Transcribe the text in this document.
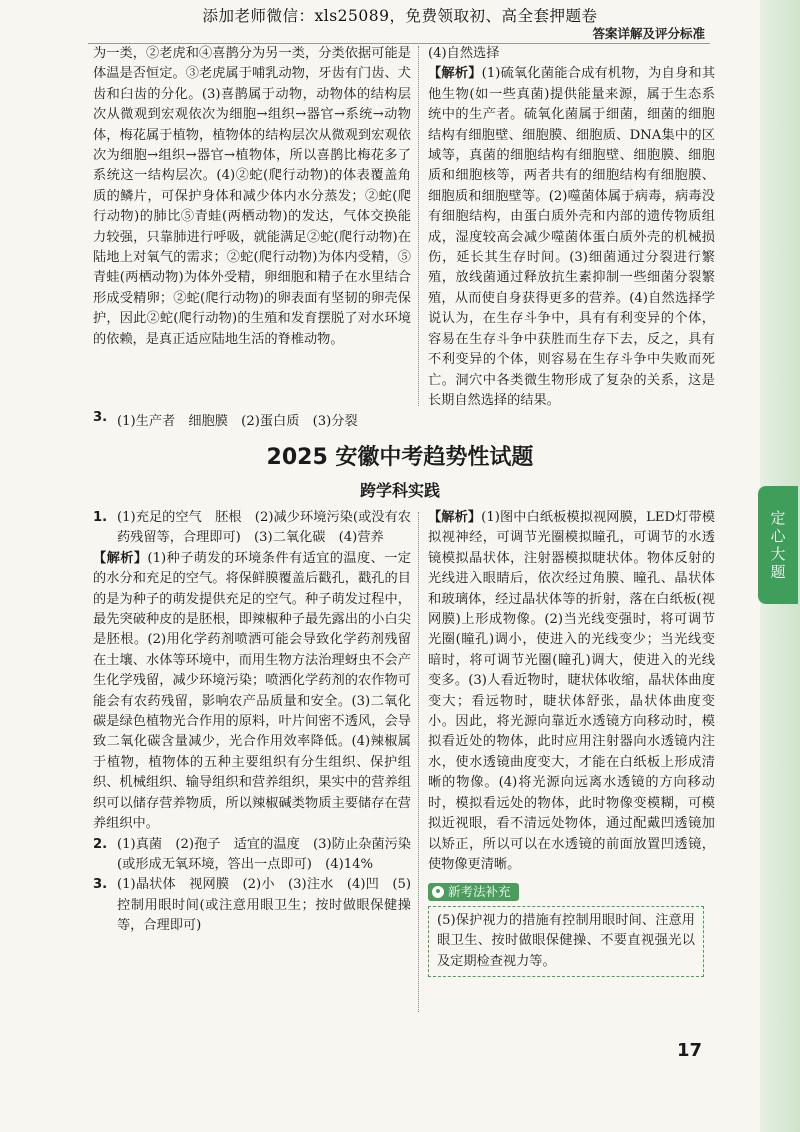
添加老师微信：xls25089，免费领取初、高全套押题卷
答案详解及评分标准
定
心
大
题

为一类，②老虎和④喜鹊分为另一类，分类依据可能是体温是否恒定。③老虎属于哺乳动物，牙齿有门齿、犬齿和臼齿的分化。(3)喜鹊属于动物，动物体的结构层次从微观到宏观依次为细胞→组织→器官→系统→动物体，梅花属于植物，植物体的结构层次从微观到宏观依次为细胞→组织→器官→植物体，所以喜鹊比梅花多了系统这一结构层次。(4)②蛇(爬行动物)的体表覆盖角质的鳞片，可保护身体和减少体内水分蒸发；②蛇(爬行动物)的肺比⑤青蛙(两栖动物)的发达，气体交换能力较强，只靠肺进行呼吸，就能满足②蛇(爬行动物)在陆地上对氧气的需求；②蛇(爬行动物)为体内受精，⑤青蛙(两栖动物)为体外受精，卵细胞和精子在水里结合形成受精卵；②蛇(爬行动物)的卵表面有坚韧的卵壳保护，因此②蛇(爬行动物)的生殖和发育摆脱了对水环境的依赖，是真正适应陆地生活的脊椎动物。

(4)自然选择

【解析】(1)硫氧化菌能合成有机物，为自身和其他生物(如一些真菌)提供能量来源，属于生态系统中的生产者。硫氧化菌属于细菌，细菌的细胞结构有细胞壁、细胞膜、细胞质、DNA集中的区域等，真菌的细胞结构有细胞壁、细胞膜、细胞质和细胞核等，两者共有的细胞结构有细胞膜、细胞质和细胞壁等。(2)噬菌体属于病毒，病毒没有细胞结构，由蛋白质外壳和内部的遗传物质组成，湿度较高会减少噬菌体蛋白质外壳的机械损伤，延长其生存时间。(3)细菌通过分裂进行繁殖，放线菌通过释放抗生素抑制一些细菌分裂繁殖，从而使自身获得更多的营养。(4)自然选择学说认为，在生存斗争中，具有有利变异的个体，容易在生存斗争中获胜而生存下去，反之，具有不利变异的个体，则容易在生存斗争中失败而死亡。洞穴中各类微生物形成了复杂的关系，这是长期自然选择的结果。

3. (1)生产者　细胞膜　(2)蛋白质　(3)分裂
2025 安徽中考趋势性试题
跨学科实践
1. (1)充足的空气　胚根　(2)减少环境污染(或没有农药残留等，合理即可)　(3)二氧化碳　(4)营养

【解析】(1)种子萌发的环境条件有适宜的温度、一定的水分和充足的空气。将保鲜膜覆盖后戳孔，戳孔的目的是为种子的萌发提供充足的空气。种子萌发过程中，最先突破种皮的是胚根，即辣椒种子最先露出的小白尖是胚根。(2)用化学药剂喷洒可能会导致化学药剂残留在土壤、水体等环境中，而用生物方法治理蚜虫不会产生化学残留，减少环境污染；喷洒化学药剂的农作物可能会有农药残留，影响农产品质量和安全。(3)二氧化碳是绿色植物光合作用的原料，叶片间密不透风，会导致二氧化碳含量减少，光合作用效率降低。(4)辣椒属于植物，植物体的五种主要组织有分生组织、保护组织、机械组织、输导组织和营养组织，果实中的营养组织可以储存营养物质，所以辣椒碱类物质主要储存在营养组织中。

2. (1)真菌　(2)孢子　适宜的温度　(3)防止杂菌污染(或形成无氧环境，答出一点即可)　(4)14%
3. (1)晶状体　视网膜　(2)小　(3)注水　(4)凹　(5)控制用眼时间(或注意用眼卫生；按时做眼保健操等，合理即可)

【解析】(1)图中白纸板模拟视网膜，LED灯带模拟视神经，可调节光圈模拟瞳孔，可调节的水透镜模拟晶状体，注射器模拟睫状体。物体反射的光线进入眼睛后，依次经过角膜、瞳孔、晶状体和玻璃体，经过晶状体等的折射，落在白纸板(视网膜)上形成物像。(2)当光线变强时，将可调节光圈(瞳孔)调小，使进入的光线变少；当光线变暗时，将可调节光圈(瞳孔)调大，使进入的光线变多。(3)人看近物时，睫状体收缩，晶状体曲度变大；看远物时，睫状体舒张，晶状体曲度变小。因此，将光源向靠近水透镜方向移动时，模拟看近处的物体，此时应用注射器向水透镜内注水，使水透镜曲度变大，才能在白纸板上形成清晰的物像。(4)将光源向远离水透镜的方向移动时，模拟看远处的物体，此时物像变模糊，可模拟近视眼，看不清远处物体，通过配戴凹透镜加以矫正，所以可以在水透镜的前面放置凹透镜，使物像更清晰。

新考法补充
(5)保护视力的措施有控制用眼时间、注意用眼卫生、按时做眼保健操、不要直视强光以及定期检查视力等。
17
